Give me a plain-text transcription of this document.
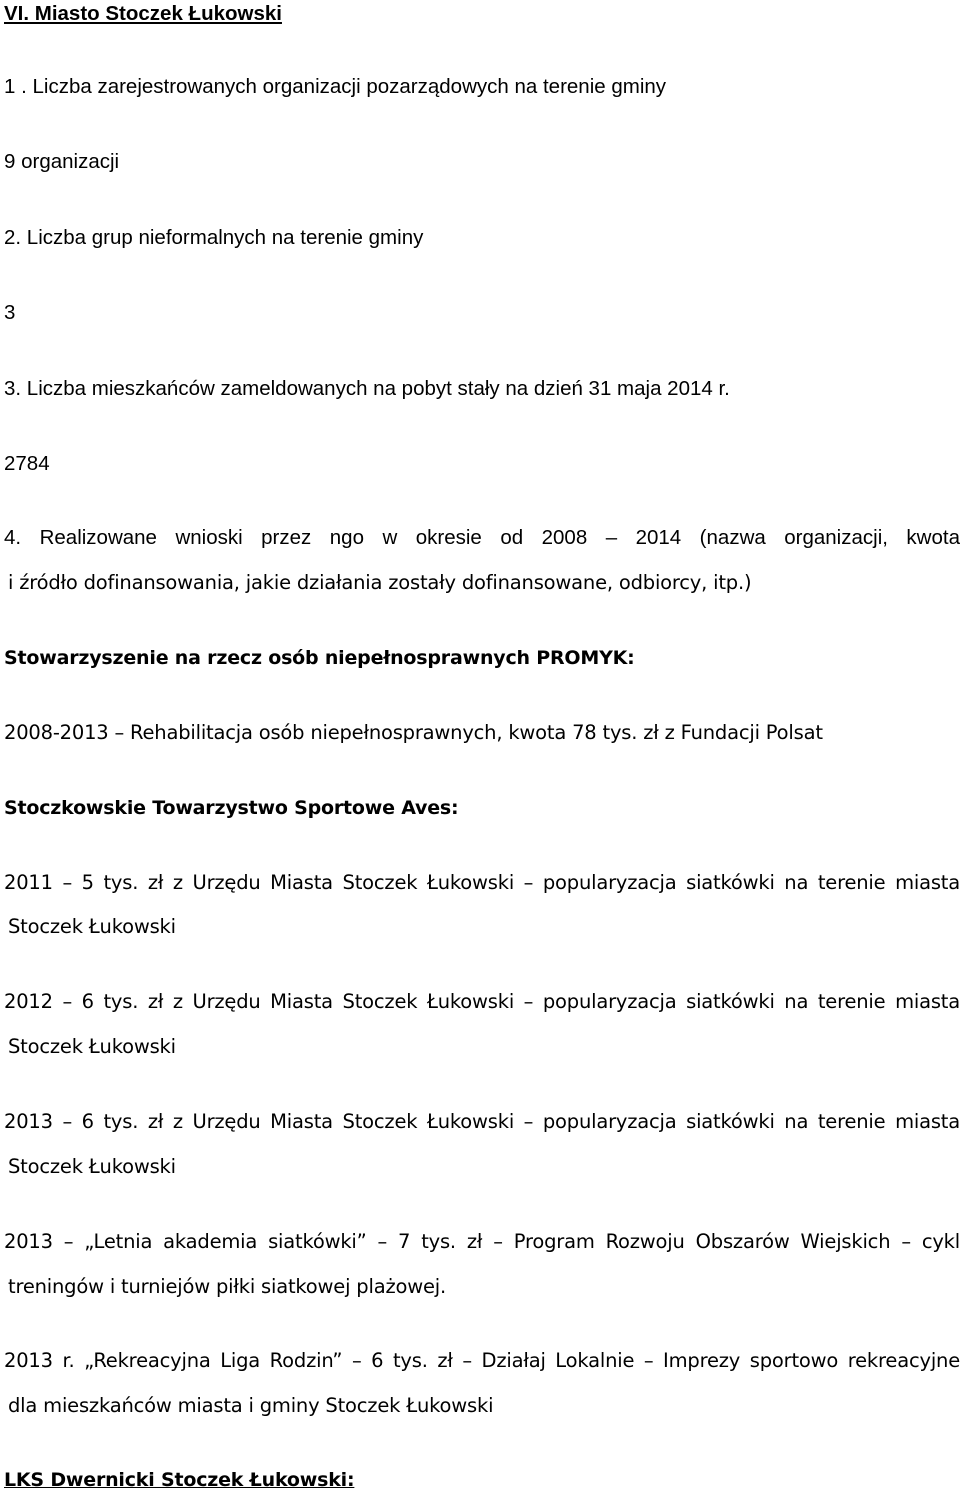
VI. Miasto Stoczek Łukowski
1 . Liczba zarejestrowanych organizacji pozarządowych na terenie gminy
9 organizacji
2. Liczba grup nieformalnych na terenie gminy
3
3. Liczba mieszkańców zameldowanych na pobyt stały na dzień 31 maja 2014 r.
2784
4. Realizowane wnioski przez ngo w okresie od 2008 – 2014 (nazwa organizacji, kwota
i źródło dofinansowania, jakie działania zostały dofinansowane, odbiorcy, itp.)
Stowarzyszenie na rzecz osób niepełnosprawnych PROMYK:
2008-2013 – Rehabilitacja osób niepełnosprawnych, kwota 78 tys. zł z Fundacji Polsat
Stoczkowskie Towarzystwo Sportowe Aves:
2011 – 5 tys. zł z Urzędu Miasta Stoczek Łukowski – popularyzacja siatkówki na terenie miasta
Stoczek Łukowski
2012 – 6 tys. zł z Urzędu Miasta Stoczek Łukowski – popularyzacja siatkówki na terenie miasta
Stoczek Łukowski
2013 – 6 tys. zł z Urzędu Miasta Stoczek Łukowski – popularyzacja siatkówki na terenie miasta
Stoczek Łukowski
2013 – „Letnia akademia siatkówki” – 7 tys. zł – Program Rozwoju Obszarów Wiejskich – cykl
treningów i turniejów piłki siatkowej plażowej.
2013 r. „Rekreacyjna Liga Rodzin” – 6 tys. zł – Działaj Lokalnie – Imprezy sportowo rekreacyjne
dla mieszkańców miasta i gminy Stoczek Łukowski
LKS Dwernicki Stoczek Łukowski:
